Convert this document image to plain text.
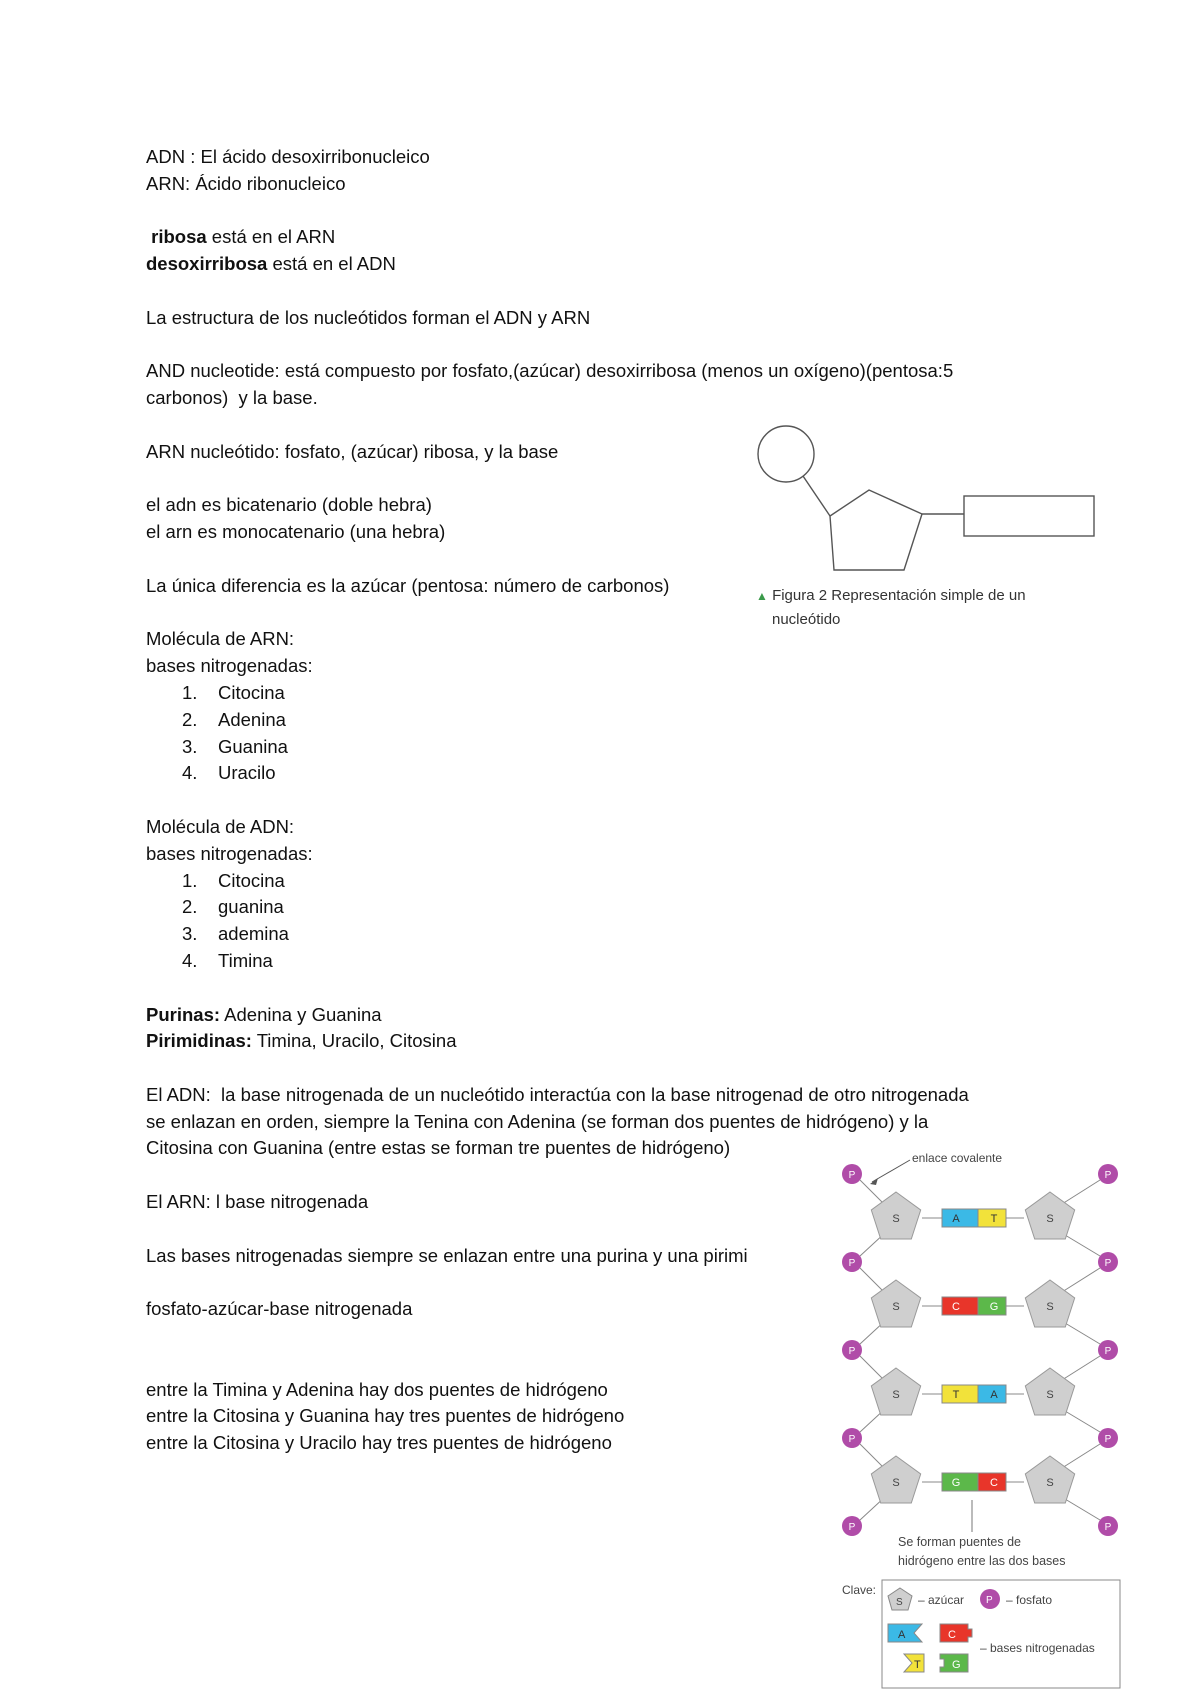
ADN : El ácido desoxirribonucleico
ARN: Ácido ribonucleico
ribosa está en el ARN
desoxirribosa está en el ADN
La estructura de los nucleótidos forman el ADN y ARN
AND nucleotide: está compuesto por fosfato,(azúcar) desoxirribosa (menos un oxígeno)(pentosa:5
carbonos)  y la base.
ARN nucleótido: fosfato, (azúcar) ribosa, y la base
el adn es bicatenario (doble hebra)
el arn es monocatenario (una hebra)
La única diferencia es la azúcar (pentosa: número de carbonos)
Molécula de ARN:
bases nitrogenadas:
1. Citocina
2. Adenina
3. Guanina
4. Uracilo
Molécula de ADN:
bases nitrogenadas:
1. Citocina
2. guanina
3. ademina
4. Timina
Purinas: Adenina y Guanina
Pirimidinas: Timina, Uracilo, Citosina
El ADN:  la base nitrogenada de un nucleótido interactúa con la base nitrogenad de otro nitrogenada
se enlazan en orden, siempre la Tenina con Adenina (se forman dos puentes de hidrógeno) y la
Citosina con Guanina (entre estas se forman tre puentes de hidrógeno)
El ARN: l base nitrogenada
Las bases nitrogenadas siempre se enlazan entre una purina y una pirimi
fosfato-azúcar-base nitrogenada
entre la Timina y Adenina hay dos puentes de hidrógeno
entre la Citosina y Guanina hay tres puentes de hidrógeno
entre la Citosina y Uracilo hay tres puentes de hidrógeno
▲ Figura 2 Representación simple de un
nucleótido
enlace covalente
P	P
P	P
P	P
P	P
P	P
S	S
A	T
S	S
C	G
S	S
T	A
S	S
G	C
Se forman puentes de
hidrógeno entre las dos bases
Clave:
S – azúcar P – fosfato
A	C
T	G
– bases nitrogenadas
